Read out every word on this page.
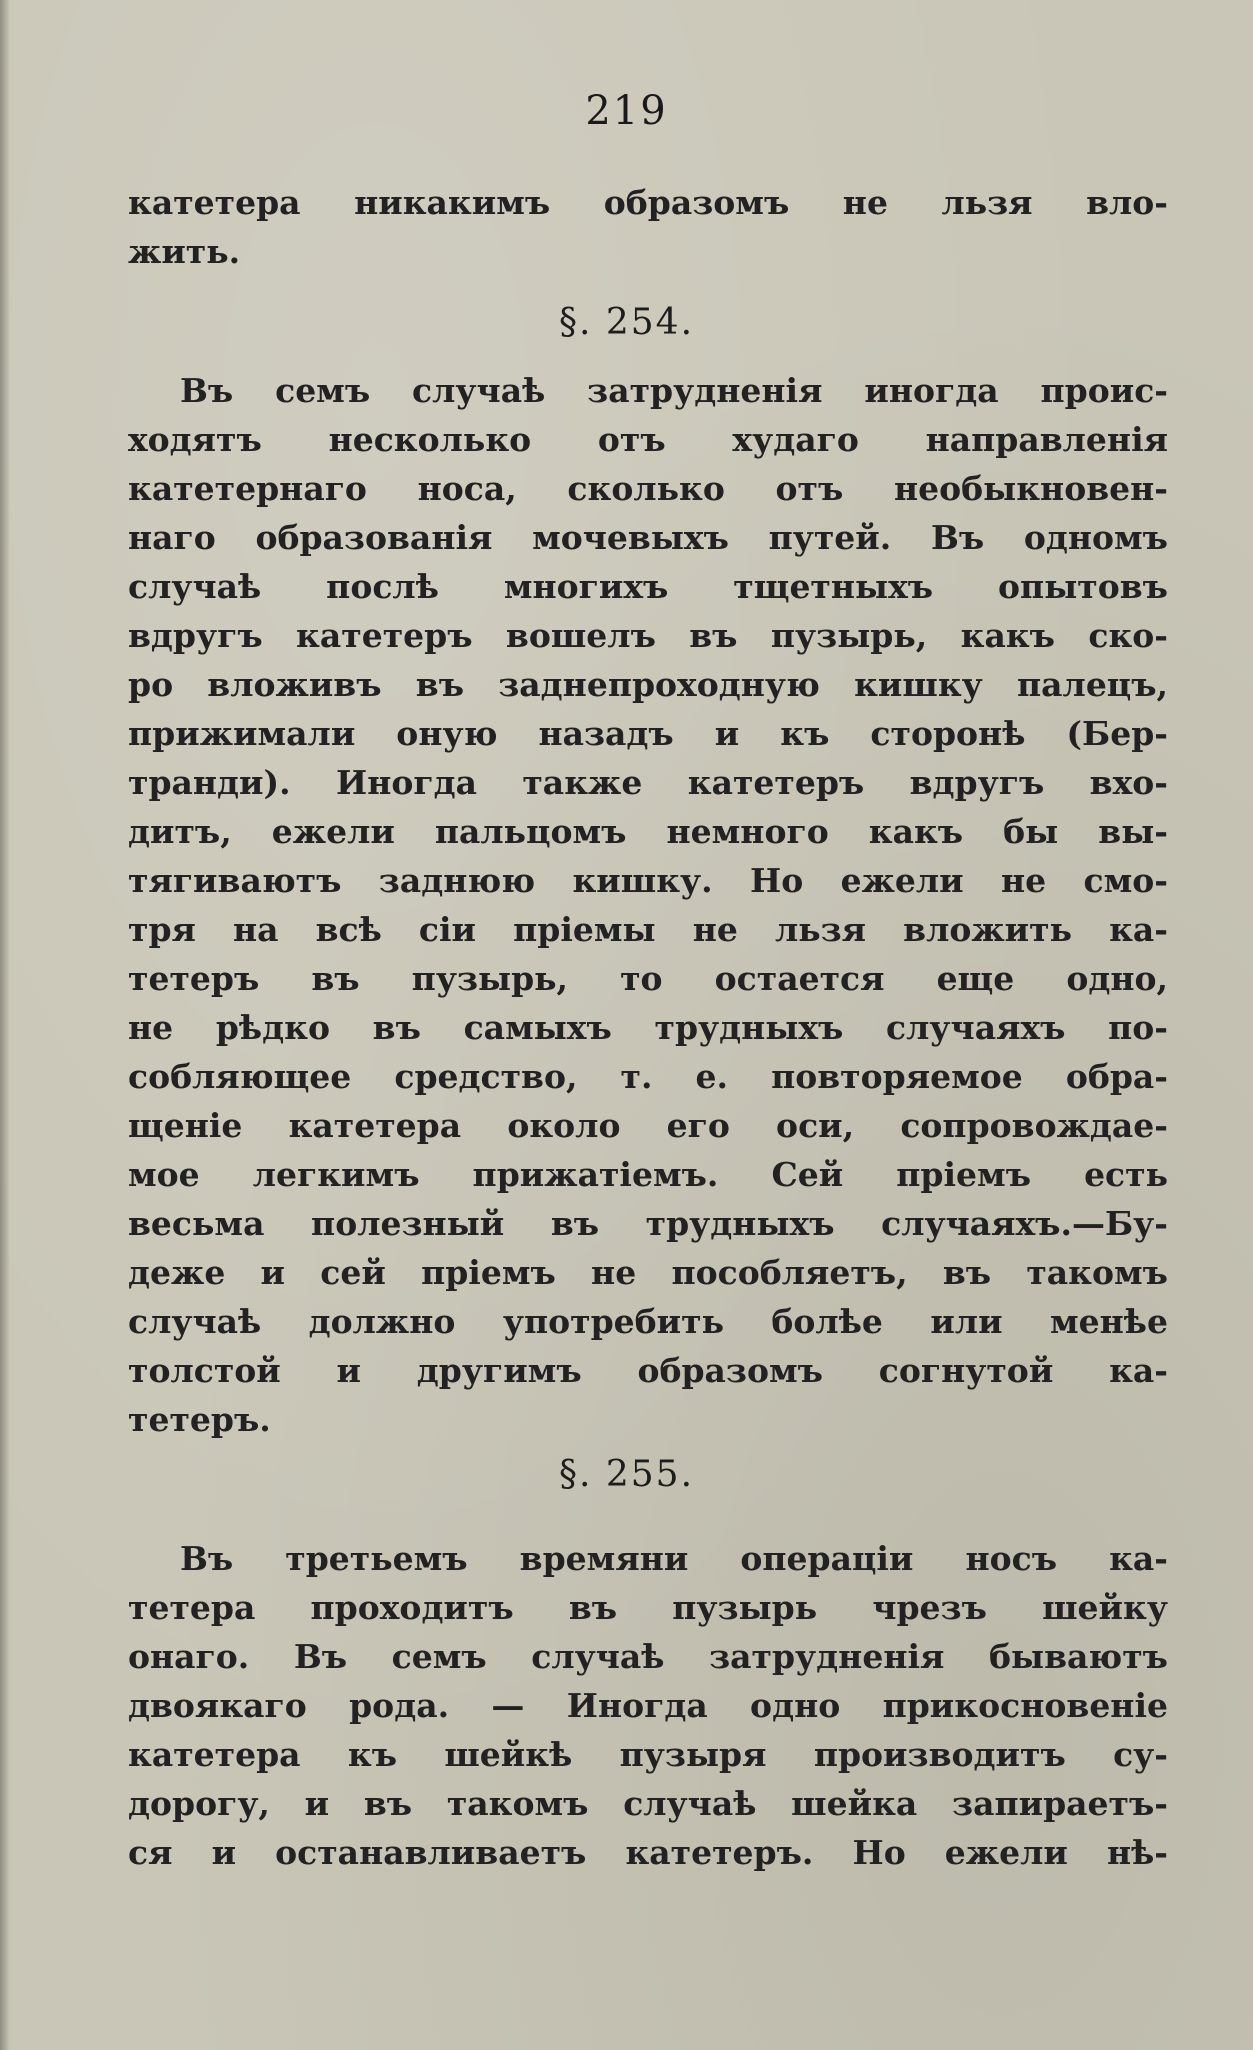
219
катетера никакимъ образомъ не льзя вло-
жить.
§. 254.
Въ семъ случаѣ затрудненія иногда проис-
ходятъ несколько отъ худаго направленія
катетернаго носа, сколько отъ необыкновен-
наго образованія мочевыхъ путей. Въ одномъ
случаѣ послѣ многихъ тщетныхъ опытовъ
вдругъ катетеръ вошелъ въ пузырь, какъ ско-
ро вложивъ въ заднепроходную кишку палецъ,
прижимали оную назадъ и къ сторонѣ (Бер-
транди). Иногда также катетеръ вдругъ вхо-
дитъ, ежели пальцомъ немного какъ бы вы-
тягиваютъ заднюю кишку. Но ежели не смо-
тря на всѣ сіи пріемы не льзя вложить ка-
тетеръ въ пузырь, то остается еще одно,
не рѣдко въ самыхъ трудныхъ случаяхъ по-
собляющее средство, т. е. повторяемое обра-
щеніе катетера около его оси, сопровождае-
мое легкимъ прижатіемъ. Сей пріемъ есть
весьма полезный въ трудныхъ случаяхъ.—Бу-
деже и сей пріемъ не пособляетъ, въ такомъ
случаѣ должно употребить болѣе или менѣе
толстой и другимъ образомъ согнутой ка-
тетеръ.
§. 255.
Въ третьемъ времяни операціи носъ ка-
тетера проходитъ въ пузырь чрезъ шейку
онаго. Въ семъ случаѣ затрудненія бываютъ
двоякаго рода. — Иногда одно прикосновеніе
катетера къ шейкѣ пузыря производитъ су-
дорогу, и въ такомъ случаѣ шейка запираетъ-
ся и останавливаетъ катетеръ. Но ежели нѣ-
